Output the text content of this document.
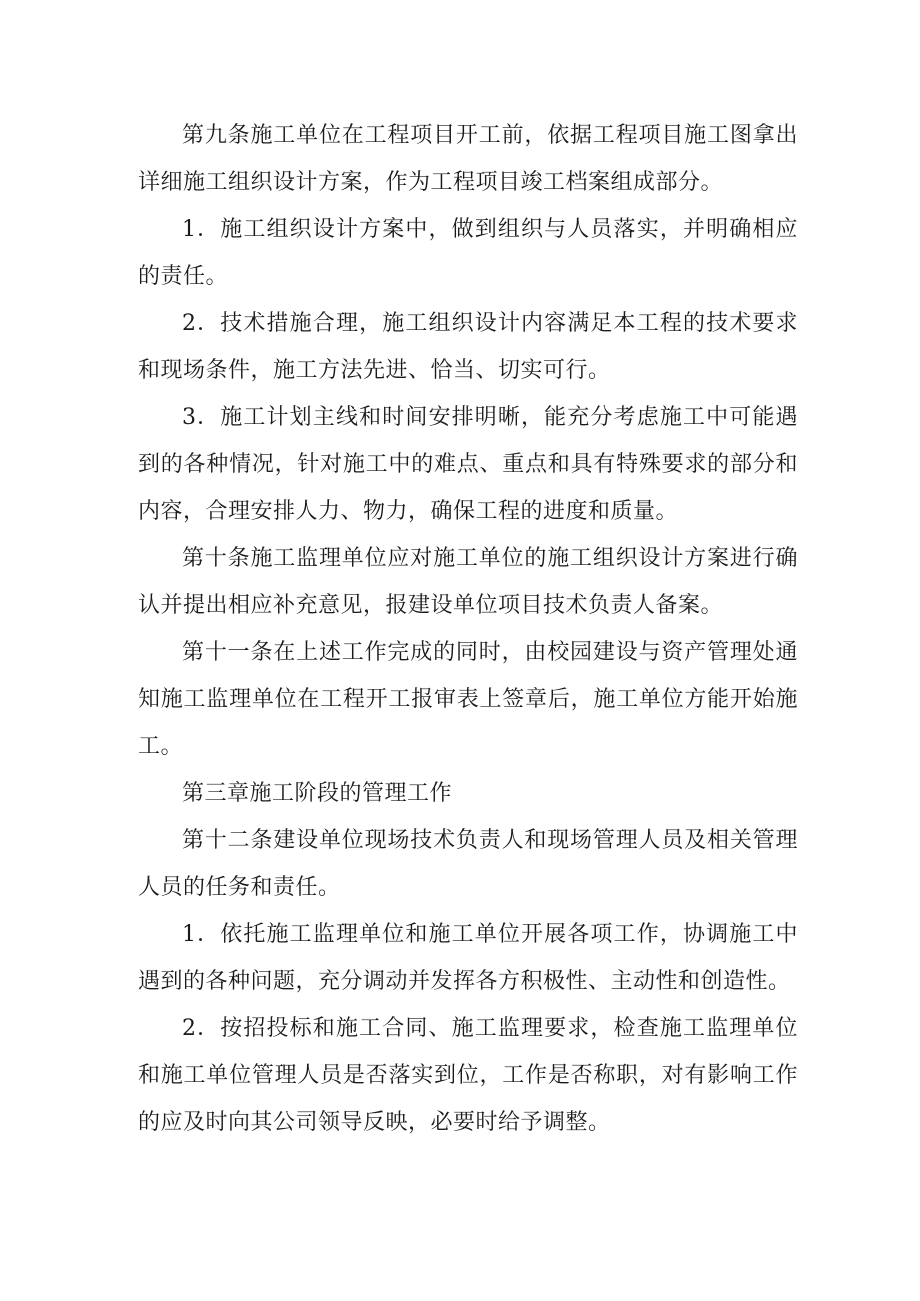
第九条施工单位在工程项目开工前，依据工程项目施工图拿出详细施工组织设计方案，作为工程项目竣工档案组成部分。

1．施工组织设计方案中，做到组织与人员落实，并明确相应的责任。

2．技术措施合理，施工组织设计内容满足本工程的技术要求和现场条件，施工方法先进、恰当、切实可行。

3．施工计划主线和时间安排明晰，能充分考虑施工中可能遇到的各种情况，针对施工中的难点、重点和具有特殊要求的部分和内容，合理安排人力、物力，确保工程的进度和质量。

第十条施工监理单位应对施工单位的施工组织设计方案进行确认并提出相应补充意见，报建设单位项目技术负责人备案。

第十一条在上述工作完成的同时，由校园建设与资产管理处通知施工监理单位在工程开工报审表上签章后，施工单位方能开始施工。

第三章施工阶段的管理工作

第十二条建设单位现场技术负责人和现场管理人员及相关管理人员的任务和责任。

1．依托施工监理单位和施工单位开展各项工作，协调施工中遇到的各种问题，充分调动并发挥各方积极性、主动性和创造性。

2．按招投标和施工合同、施工监理要求，检查施工监理单位和施工单位管理人员是否落实到位，工作是否称职，对有影响工作的应及时向其公司领导反映，必要时给予调整。
